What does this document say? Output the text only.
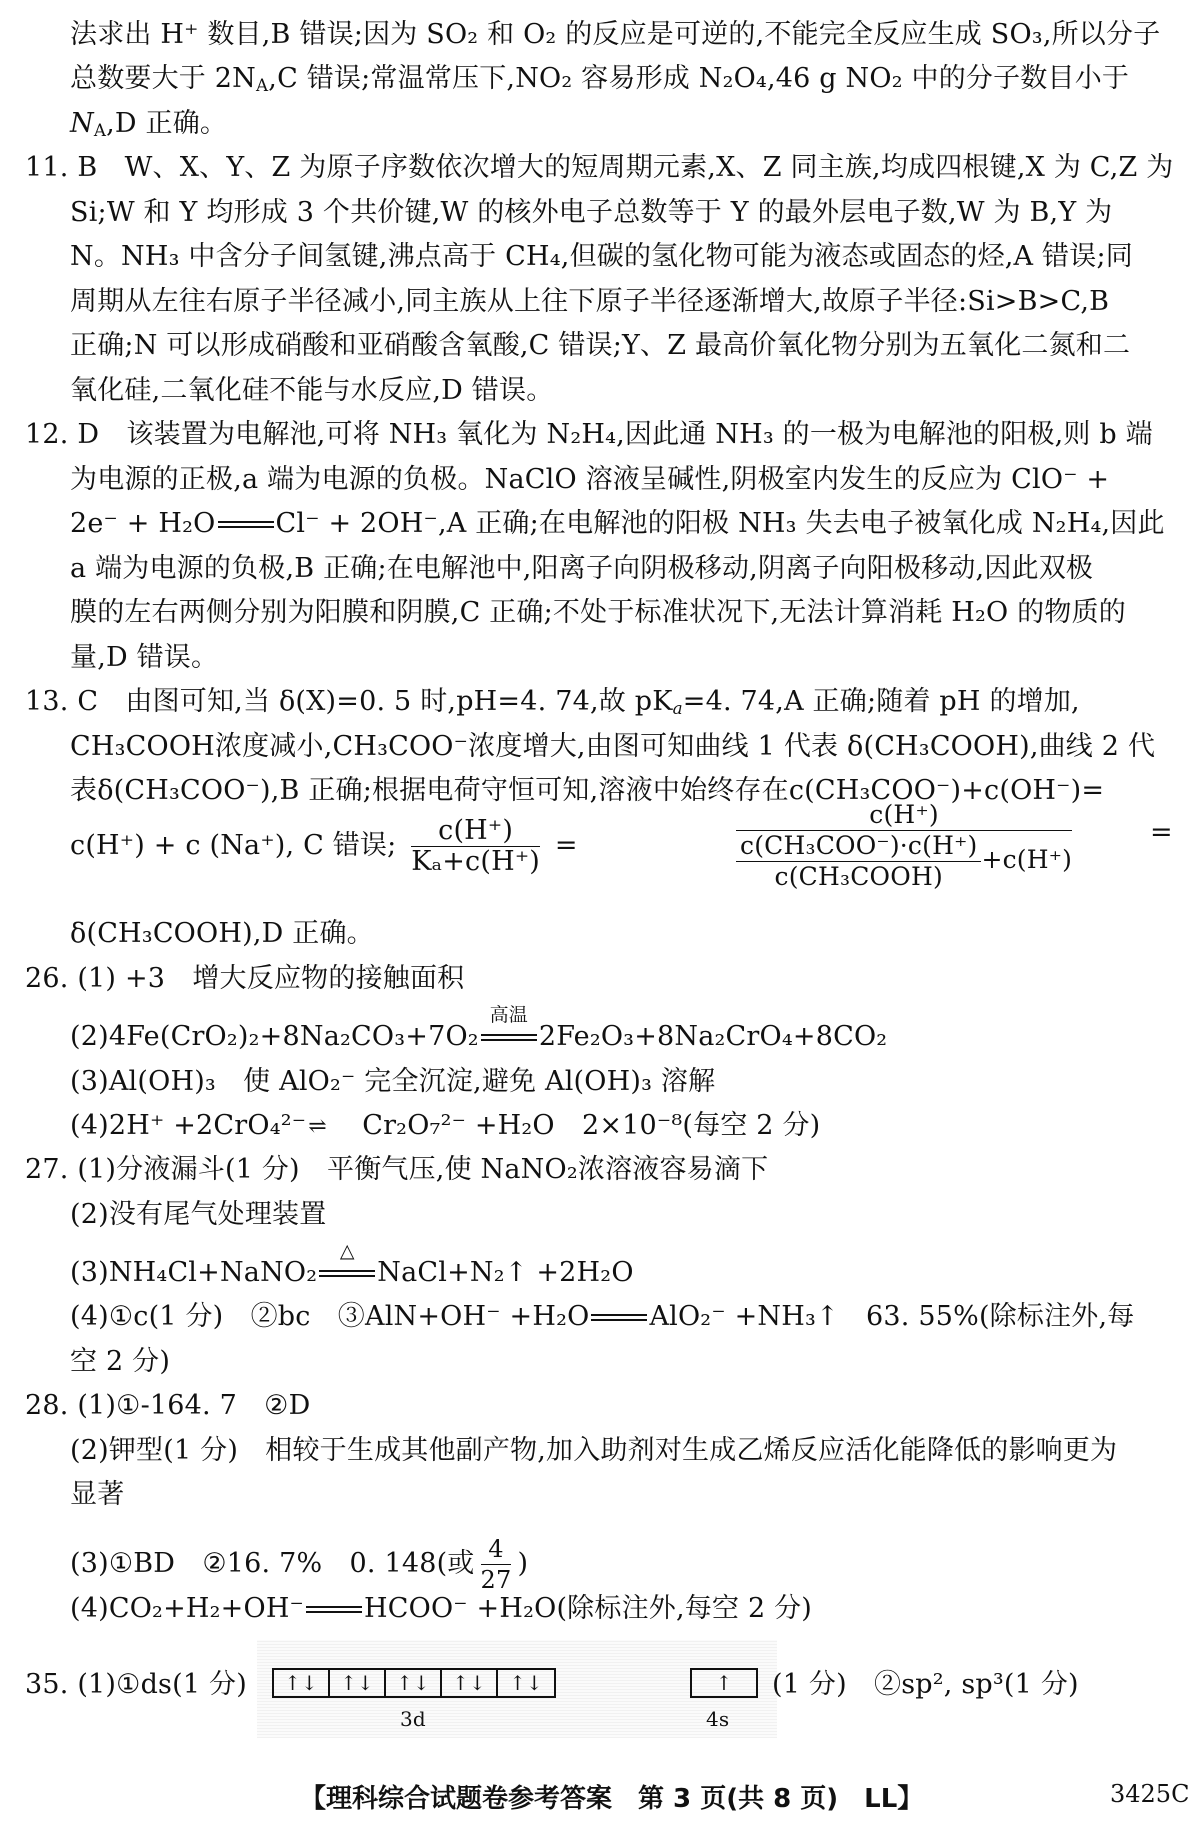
法求出 H⁺ 数目,B 错误;因为 SO₂ 和 O₂ 的反应是可逆的,不能完全反应生成 SO₃,所以分子
总数要大于 $2N_A,C$ 错误;常温常压下,NO₂ 容易形成 N₂O₄,46 g NO₂ 中的分子数目小于
$N_A,D$ 正确。
11. B　W、X、Y、Z 为原子序数依次增大的短周期元素,X、Z 同主族,均成四根键,X 为 C,Z 为
Si;W 和 Y 均形成 3 个共价键,W 的核外电子总数等于 Y 的最外层电子数,W 为 B,Y 为
N。NH₃ 中含分子间氢键,沸点高于 CH₄,但碳的氢化物可能为液态或固态的烃,A 错误;同
周期从左往右原子半径减小,同主族从上往下原子半径逐渐增大,故原子半径:Si>B>C,B
正确;N 可以形成硝酸和亚硝酸含氧酸,C 错误;Y、Z 最高价氧化物分别为五氧化二氮和二
氧化硅,二氧化硅不能与水反应,D 错误。
12. D　该装置为电解池,可将 NH₃ 氧化为 N₂H₄,因此通 NH₃ 的一极为电解池的阳极,则 b 端
为电源的正极,a 端为电源的负极。NaClO 溶液呈碱性,阴极室内发生的反应为 ClO⁻ +
2e⁻ + H₂O Cl⁻ + 2OH⁻,A 正确;在电解池的阳极 NH₃ 失去电子被氧化成 N₂H₄,因此
a 端为电源的负极,B 正确;在电解池中,阳离子向阴极移动,阴离子向阳极移动,因此双极
膜的左右两侧分别为阳膜和阴膜,C 正确;不处于标准状况下,无法计算消耗 H₂O 的物质的
量,D 错误。
13. C　由图可知,当 δ(X)=0. 5 时,pH=4. 74,故 $pK_a=4$. 74,A 正确;随着 pH 的增加,
CH₃COOH浓度减小,CH₃COO⁻浓度增大,由图可知曲线 1 代表 δ(CH₃COOH),曲线 2 代
表δ(CH₃COO⁻),B 正确;根据电荷守恒可知,溶液中始终存在c(CH₃COO⁻)+c(OH⁻)=
c(H⁺) + c (Na⁺), C 错误; $\frac{c(H^+)}{\text{Kₐ+c(H⁺)}}$ =	$\frac{c(H^+)}{\frac{\text{c(CH₃COO⁻)·c(H⁺)}}{\text{c(CH₃COOH)}} +c(H^+)}$	=
δ(CH₃COOH),D 正确。
26. (1) +3　增大反应物的接触面积
(2)4Fe(CrO₂)₂+8Na₂CO₃+7O₂
高温
2Fe₂O₃+8Na₂CrO₄+8CO₂
(3)Al(OH)₃　使 AlO₂⁻ 完全沉淀,避免 Al(OH)₃ 溶解
(4)2H⁺ +2CrO₄²⁻⇌ Cr₂O₇²⁻ +H₂O　2×10⁻⁸(每空 2 分)
27. (1)分液漏斗(1 分)　平衡气压,使 NaNO₂浓溶液容易滴下
(2)没有尾气处理装置
(3)NH₄Cl+NaNO₂
△
NaCl+N₂↑ +2H₂O
(4)①c(1 分)　②bc　③AlN+OH⁻ +H₂O AlO₂⁻ +NH₃↑　63. 55%(除标注外,每
空 2 分)
28. (1)①-164. 7　②D
(2)钾型(1 分)　相较于生成其他副产物,加入助剂对生成乙烯反应活化能降低的影响更为
显著
(3)①BD　②16. 7%　0. 148(或 $\frac{4}{27}$ )
(4)CO₂+H₂+OH⁻ HCOO⁻ +H₂O(除标注外,每空 2 分)
35. (1)①ds(1 分)	↑↓	↑↓	↑↓	↑↓	↑↓
3d
↑
4s
(1 分)　②sp², sp³(1 分)
【理科综合试题卷参考答案　第 3 页(共 8 页)　LL】	3425C
